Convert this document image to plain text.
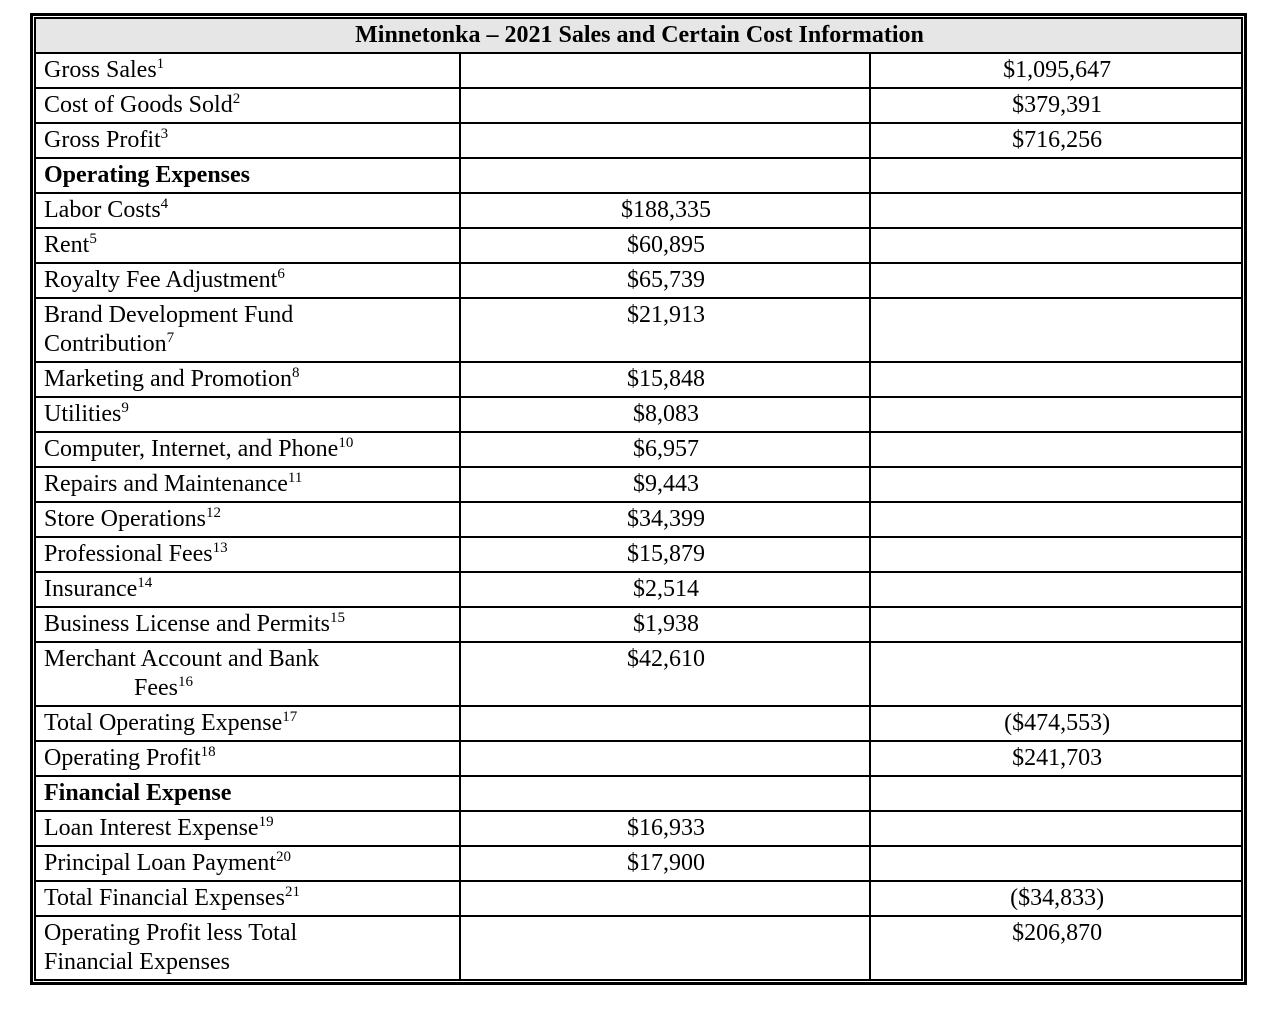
Minnetonka – 2021 Sales and Certain Cost Information		

Gross Sales$^1$		$1,095,647

Cost of Goods Sold$^2$		$379,391

Gross Profit$^3$		$716,256

Operating Expenses		

Labor Costs$^4$	$188,335	

Rent$^5$	$60,895	

Royalty Fee Adjustment$^6$	$65,739	

Brand Development Fund
Contribution$^7$	$21,913	

Marketing and Promotion$^8$	$15,848	

Utilities$^9$	$8,083	

Computer, Internet, and Phone$^{10}$	$6,957	

Repairs and Maintenance$^{11}$	$9,443	

Store Operations$^{12}$	$34,399	

Professional Fees$^{13}$	$15,879	

Insurance$^{14}$	$2,514	

Business License and Permits$^{15}$	$1,938	

Merchant Account and Bank
Fees$^{16}$	$42,610	

Total Operating Expense$^{17}$		($474,553)

Operating Profit$^{18}$		$241,703

Financial Expense		

Loan Interest Expense$^{19}$	$16,933	

Principal Loan Payment$^{20}$	$17,900	

Total Financial Expenses$^{21}$		($34,833)

Operating Profit less Total
Financial Expenses		$206,870
